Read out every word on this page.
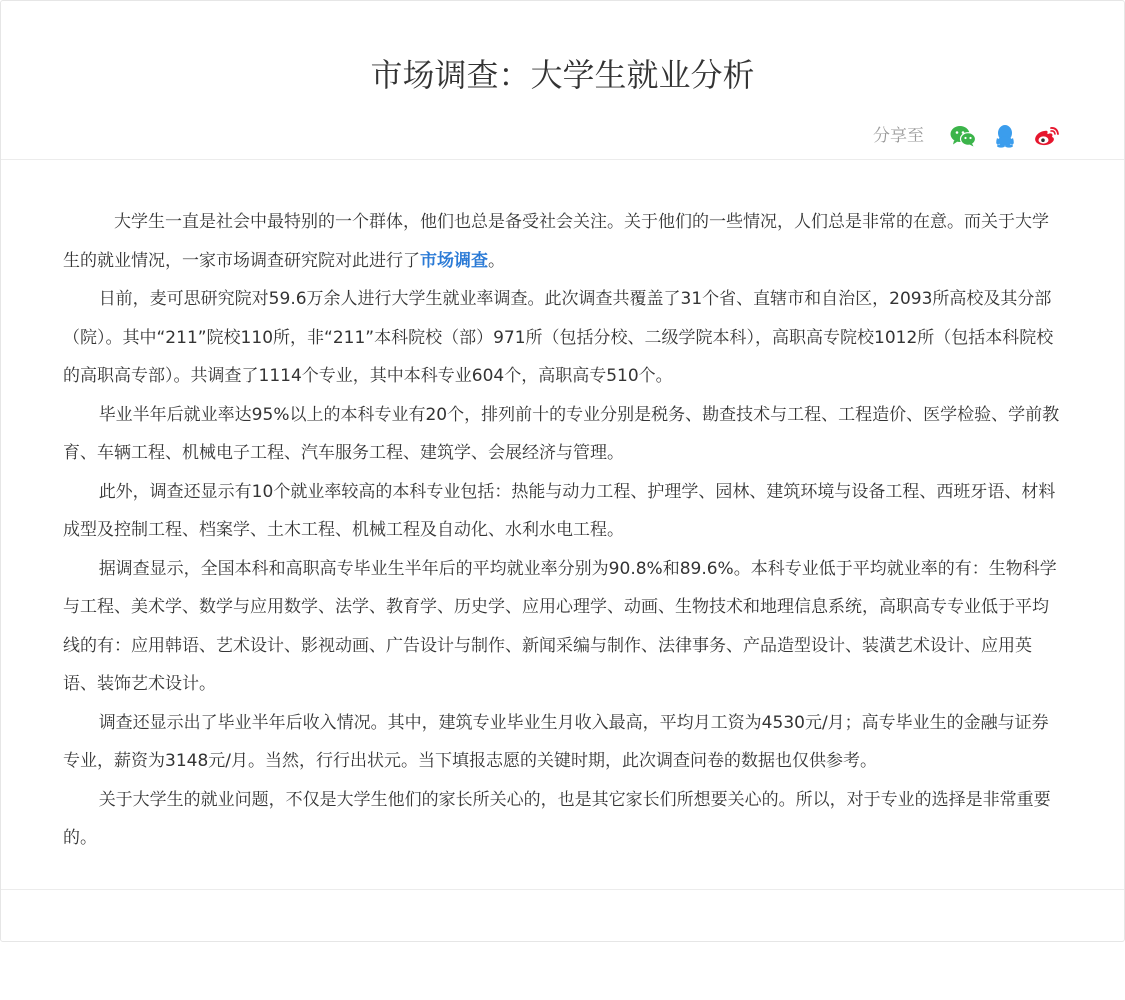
市场调查：大学生就业分析
分享至

大学生一直是社会中最特别的一个群体，他们也总是备受社会关注。关于他们的一些情况，人们总是非常的在意。而关于大学生的就业情况，一家市场调查研究院对此进行了市场调查。

日前，麦可思研究院对59.6万余人进行大学生就业率调查。此次调查共覆盖了31个省、直辖市和自治区，2093所高校及其分部（院）。其中“211”院校110所，非“211”本科院校（部）971所（包括分校、二级学院本科），高职高专院校1012所（包括本科院校的高职高专部）。共调查了1114个专业，其中本科专业604个，高职高专510个。

毕业半年后就业率达95%以上的本科专业有20个，排列前十的专业分别是税务、勘查技术与工程、工程造价、医学检验、学前教育、车辆工程、机械电子工程、汽车服务工程、建筑学、会展经济与管理。

此外，调查还显示有10个就业率较高的本科专业包括：热能与动力工程、护理学、园林、建筑环境与设备工程、西班牙语、材料成型及控制工程、档案学、土木工程、机械工程及自动化、水利水电工程。

据调查显示，全国本科和高职高专毕业生半年后的平均就业率分别为90.8%和89.6%。本科专业低于平均就业率的有：生物科学与工程、美术学、数学与应用数学、法学、教育学、历史学、应用心理学、动画、生物技术和地理信息系统，高职高专专业低于平均线的有：应用韩语、艺术设计、影视动画、广告设计与制作、新闻采编与制作、法律事务、产品造型设计、装潢艺术设计、应用英语、装饰艺术设计。

调查还显示出了毕业半年后收入情况。其中，建筑专业毕业生月收入最高，平均月工资为4530元/月；高专毕业生的金融与证券专业，薪资为3148元/月。当然，行行出状元。当下填报志愿的关键时期，此次调查问卷的数据也仅供参考。

关于大学生的就业问题，不仅是大学生他们的家长所关心的，也是其它家长们所想要关心的。所以，对于专业的选择是非常重要的。
